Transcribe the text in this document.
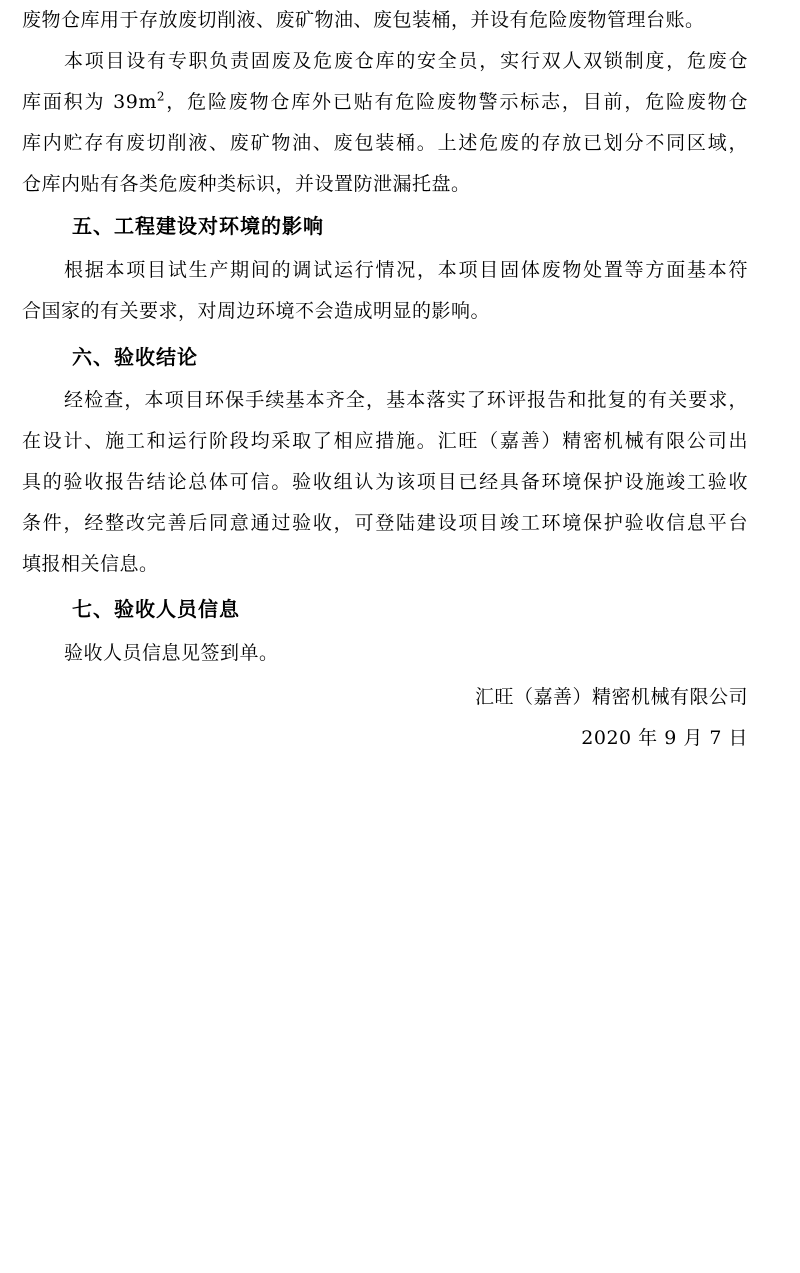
废物仓库用于存放废切削液、废矿物油、废包装桶，并设有危险废物管理台账。
本项目设有专职负责固废及危废仓库的安全员，实行双人双锁制度，危废仓
库面积为 $39m^2$，危险废物仓库外已贴有危险废物警示标志，目前，危险废物仓
库内贮存有废切削液、废矿物油、废包装桶。上述危废的存放已划分不同区域，
仓库内贴有各类危废种类标识，并设置防泄漏托盘。
五、工程建设对环境的影响
根据本项目试生产期间的调试运行情况，本项目固体废物处置等方面基本符
合国家的有关要求，对周边环境不会造成明显的影响。
六、验收结论
经检查，本项目环保手续基本齐全，基本落实了环评报告和批复的有关要求，
在设计、施工和运行阶段均采取了相应措施。汇旺（嘉善）精密机械有限公司出
具的验收报告结论总体可信。验收组认为该项目已经具备环境保护设施竣工验收
条件，经整改完善后同意通过验收，可登陆建设项目竣工环境保护验收信息平台
填报相关信息。
七、验收人员信息
验收人员信息见签到单。
汇旺（嘉善）精密机械有限公司
2020 年 9 月 7 日
